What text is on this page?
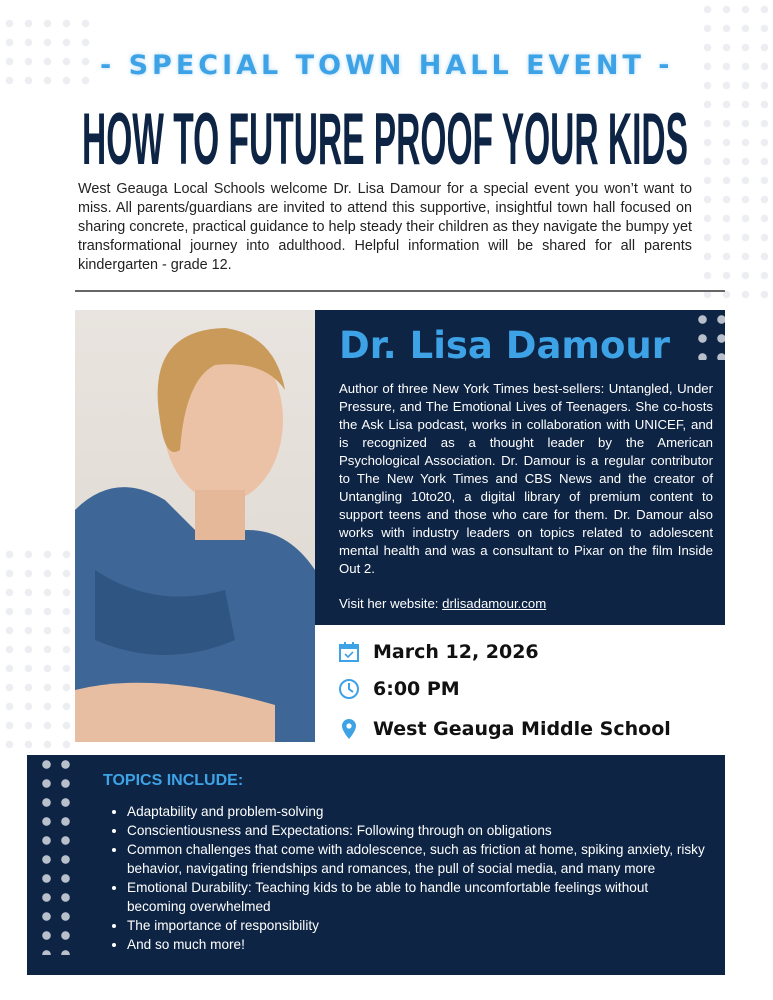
- SPECIAL TOWN HALL EVENT -
HOW TO FUTURE PROOF YOUR KIDS

West Geauga Local Schools welcome Dr. Lisa Damour for a special event you won’t want to miss. All parents/guardians are invited to attend this supportive, insightful town hall focused on sharing concrete, practical guidance to help steady their children as they navigate the bumpy yet transformational journey into adulthood. Helpful information will be shared for all parents kindergarten - grade 12.

Dr. Lisa Damour

Author of three New York Times best-sellers: Untangled, Under Pressure, and The Emotional Lives of Teenagers. She co-hosts the Ask Lisa podcast, works in collaboration with UNICEF, and is recognized as a thought leader by the American Psychological Association. Dr. Damour is a regular contributor to The New York Times and CBS News and the creator of Untangling 10to20, a digital library of premium content to support teens and those who care for them. Dr. Damour also works with industry leaders on topics related to adolescent mental health and was a consultant to Pixar on the film Inside Out 2.

Visit her website: drlisadamour.com
March 12, 2026
6:00 PM
West Geauga Middle School
TOPICS INCLUDE:
• Adaptability and problem-solving
• Conscientiousness and Expectations: Following through on obligations
• Common challenges that come with adolescence, such as friction at home, spiking anxiety, risky behavior, navigating friendships and romances, the pull of social media, and many more
• Emotional Durability: Teaching kids to be able to handle uncomfortable feelings without becoming overwhelmed
• The importance of responsibility
• And so much more!
